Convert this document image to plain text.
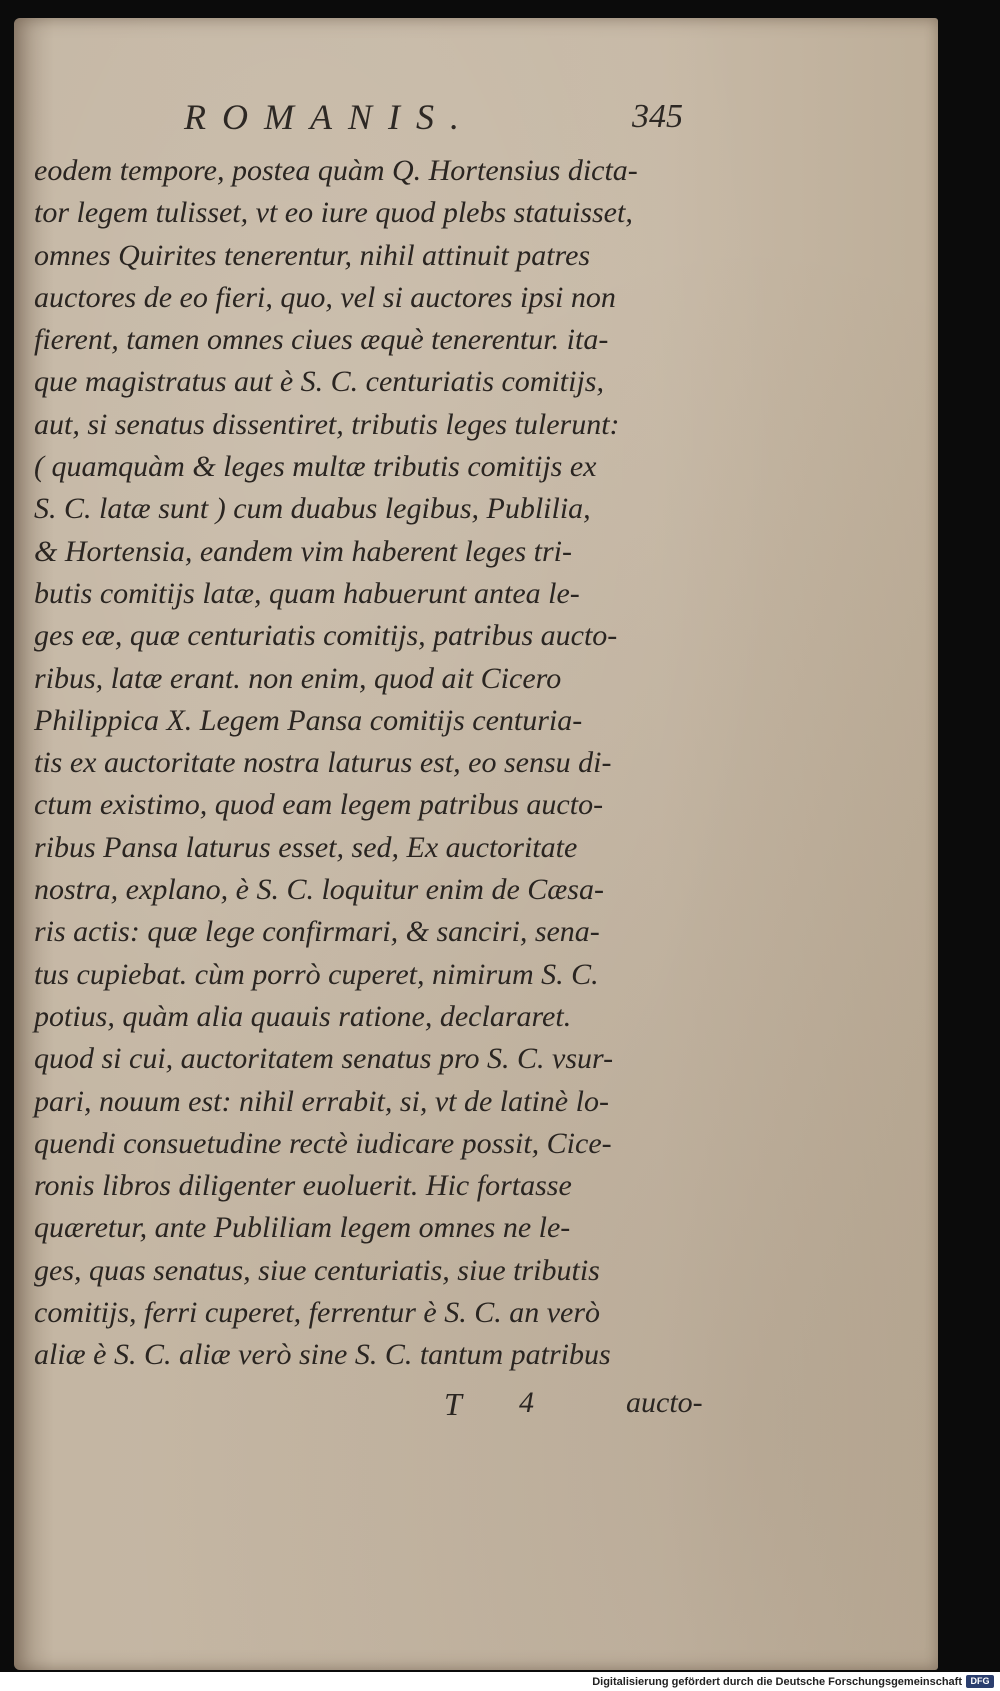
ROMANIS.	345
eodem tempore, postea quàm Q. Hortensius dicta-
tor legem tulisset, vt eo iure quod plebs statuisset,
omnes Quirites tenerentur, nihil attinuit patres
auctores de eo fieri, quo, vel si auctores ipsi non
fierent, tamen omnes ciues æquè tenerentur. ita-
que magistratus aut è S. C. centuriatis comitijs,
aut, si senatus dissentiret, tributis leges tulerunt:
( quamquàm & leges multæ tributis comitijs ex
S. C. latæ sunt ) cum duabus legibus, Publilia,
& Hortensia, eandem vim haberent leges tri-
butis comitijs latæ, quam habuerunt antea le-
ges eæ, quæ centuriatis comitijs, patribus aucto-
ribus, latæ erant. non enim, quod ait Cicero
Philippica X. Legem Pansa comitijs centuria-
tis ex auctoritate nostra laturus est, eo sensu di-
ctum existimo, quod eam legem patribus aucto-
ribus Pansa laturus esset, sed, Ex auctoritate
nostra, explano, è S. C. loquitur enim de Cæsa-
ris actis: quæ lege confirmari, & sanciri, sena-
tus cupiebat. cùm porrò cuperet, nimirum S. C.
potius, quàm alia quauis ratione, declararet.
quod si cui, auctoritatem senatus pro S. C. vsur-
pari, nouum est: nihil errabit, si, vt de latinè lo-
quendi consuetudine rectè iudicare possit, Cice-
ronis libros diligenter euoluerit. Hic fortasse
quæretur, ante Publiliam legem omnes ne le-
ges, quas senatus, siue centuriatis, siue tributis
comitijs, ferri cuperet, ferrentur è S. C. an verò
aliæ è S. C. aliæ verò sine S. C. tantum patribus
T	4	aucto-
Digitalisierung gefördert durch die Deutsche Forschungsgemeinschaft DFG
